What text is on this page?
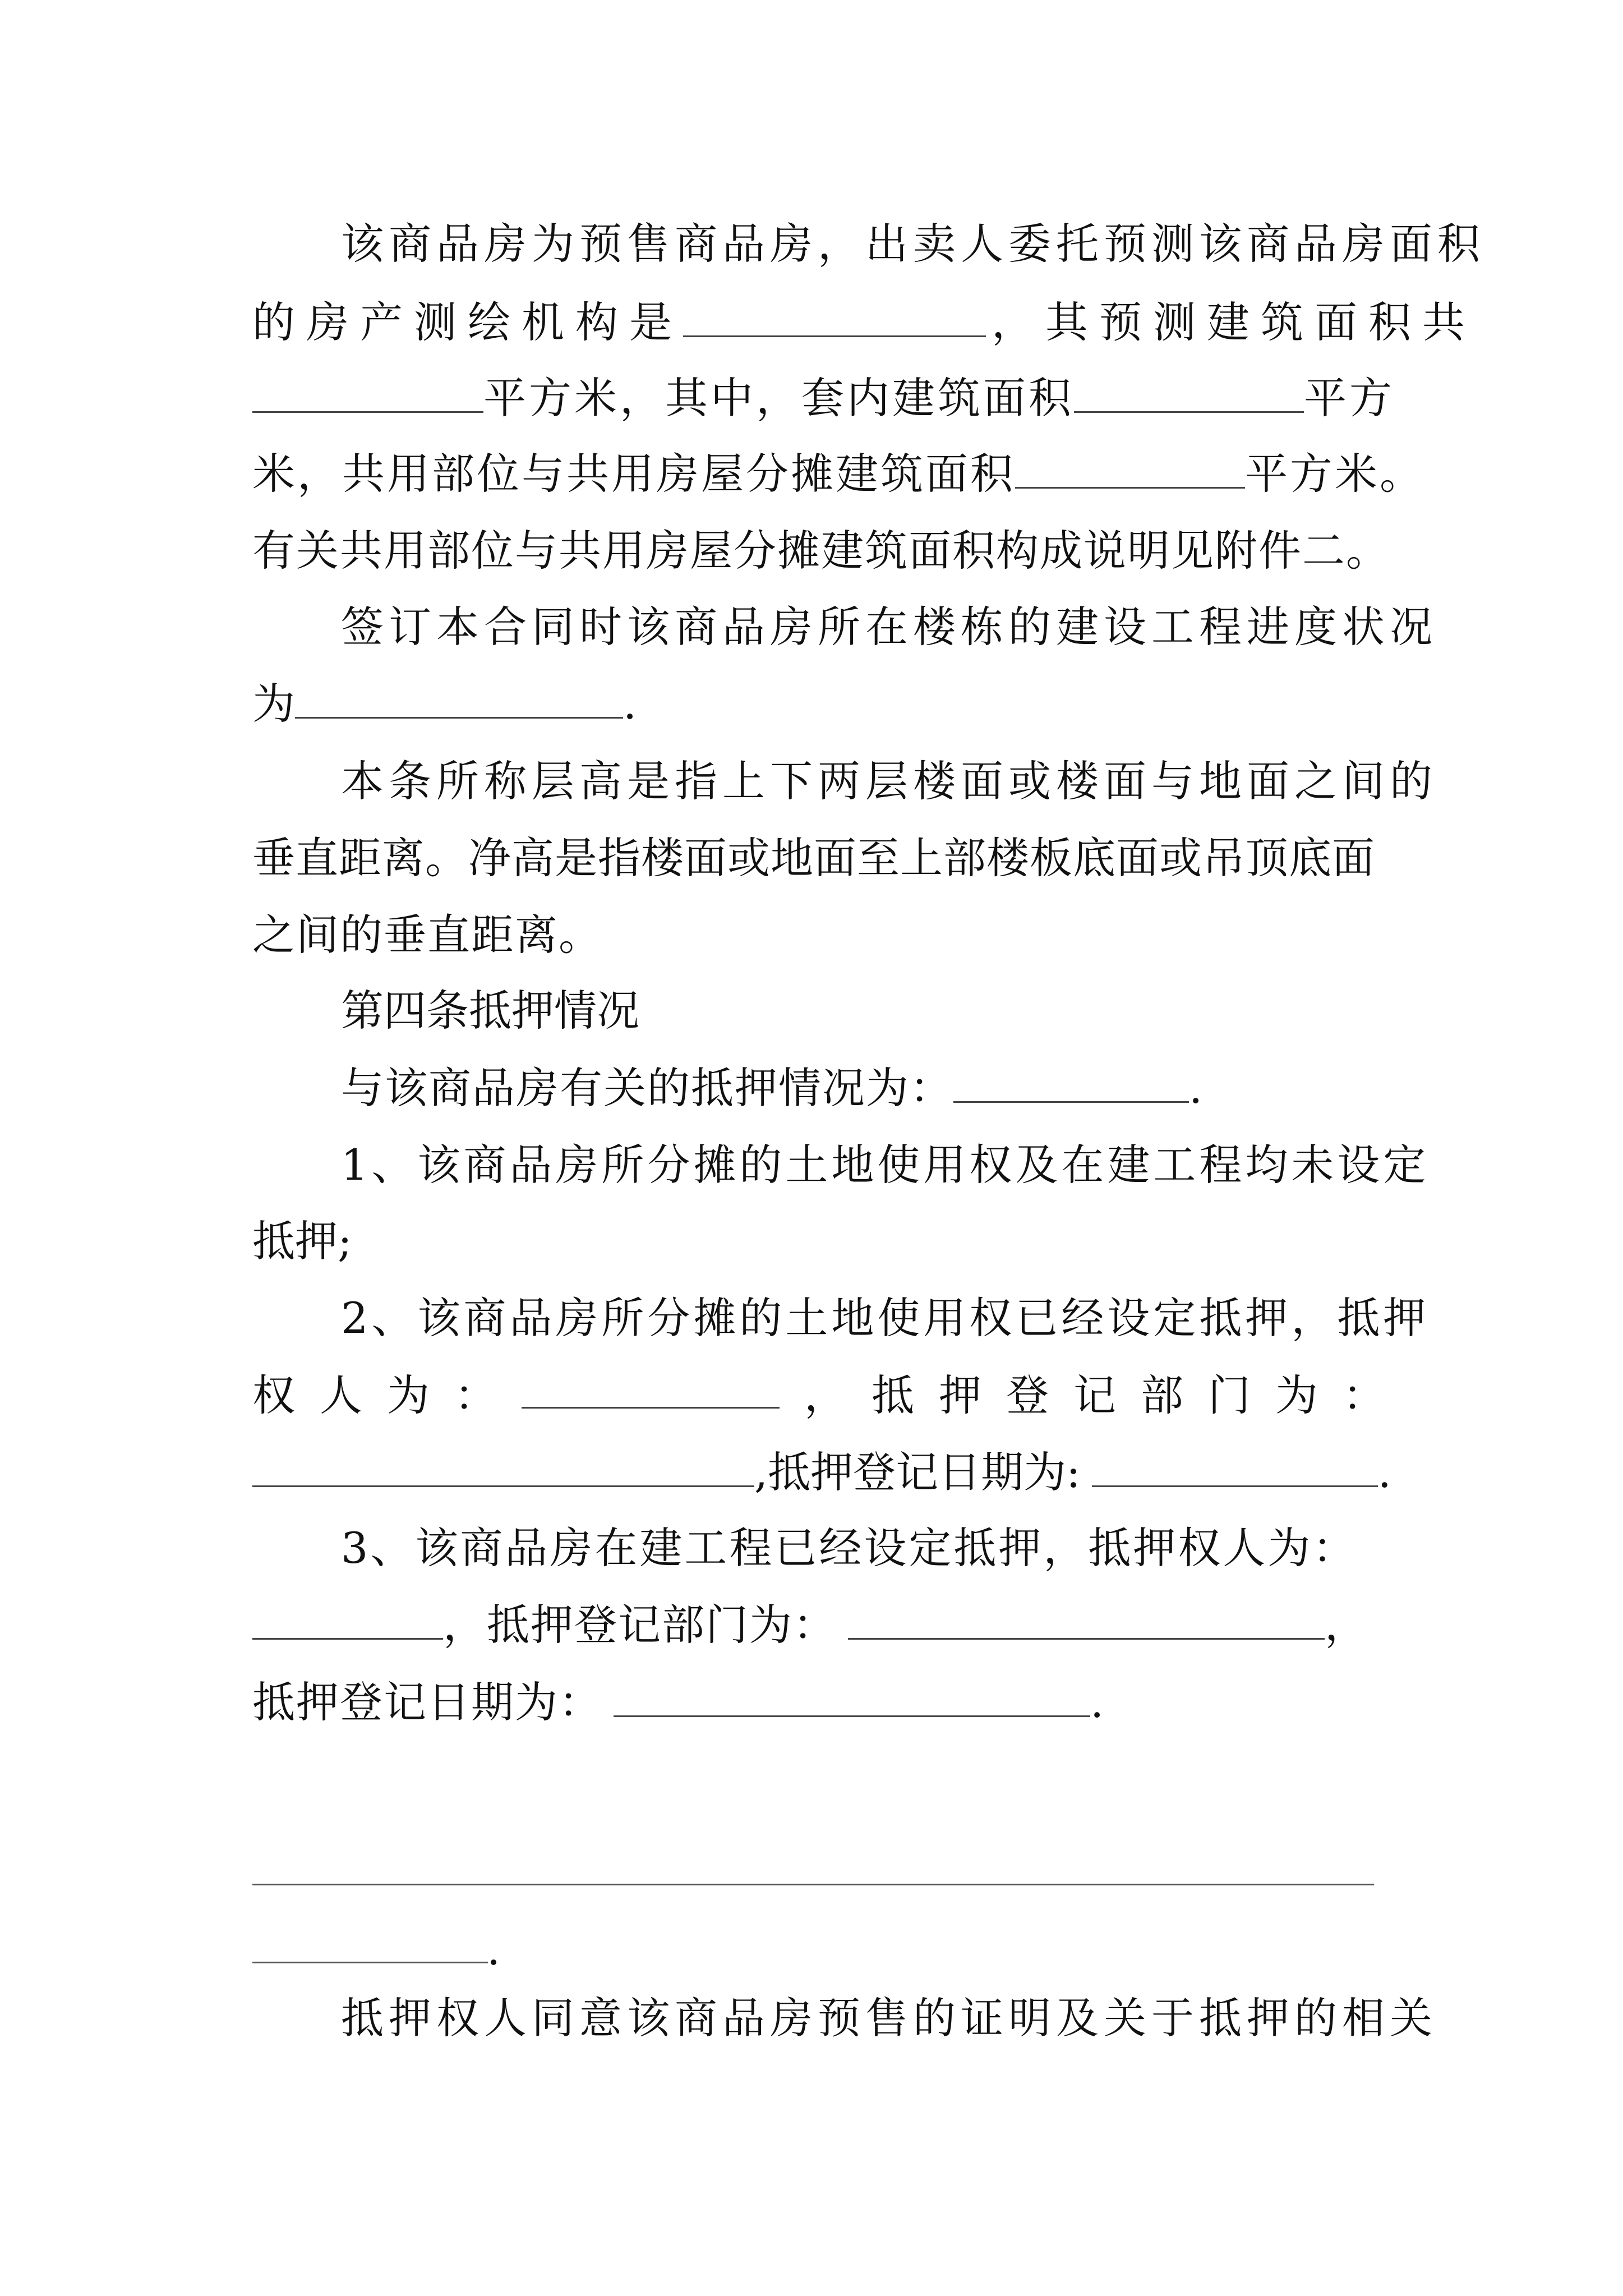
该商品房为预售商品房，出卖人委托预测该商品房面积
的房产测绘机构是	，其预测建筑面积共
平方米，其中，套内建筑面积	平方
米，共用部位与共用房屋分摊建筑面积	平方米。
有关共用部位与共用房屋分摊建筑面积构成说明见附件二。
签订本合同时该商品房所在楼栋的建设工程进度状况
为	.
本条所称层高是指上下两层楼面或楼面与地面之间的
垂直距离。净高是指楼面或地面至上部楼板底面或吊顶底面
之间的垂直距离。
第四条抵押情况
与该商品房有关的抵押情况为：	.
1、该商品房所分摊的土地使用权及在建工程均未设定
抵押;
2、该商品房所分摊的土地使用权已经设定抵押，抵押
权 人 为 ：	， 抵 押 登 记 部 门 为 ：
,抵押登记日期为:	.
3、该商品房在建工程已经设定抵押，抵押权人为：
，抵押登记部门为：	，
抵押登记日期为：	.
.
抵押权人同意该商品房预售的证明及关于抵押的相关
